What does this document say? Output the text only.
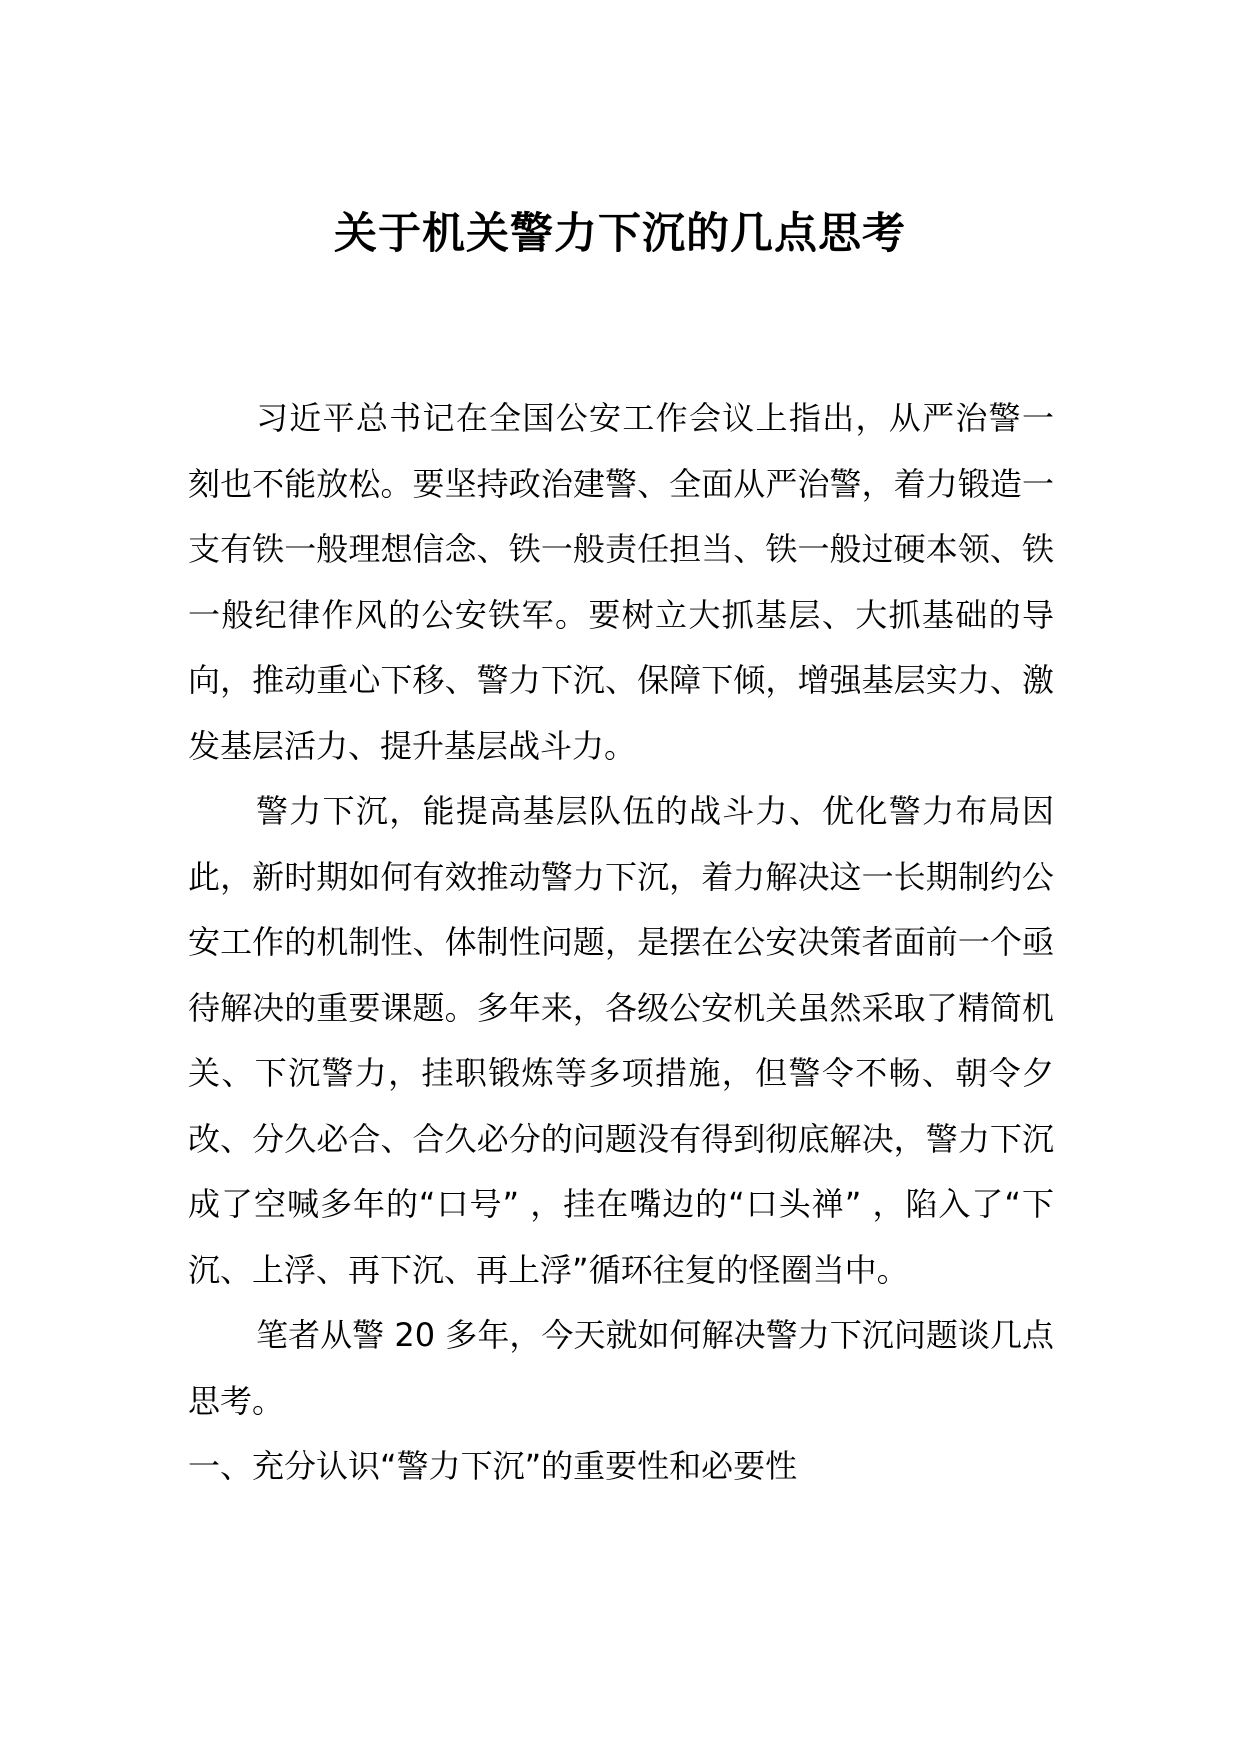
关于机关警力下沉的几点思考

习近平总书记在全国公安工作会议上指出，从严治警一刻也不能放松。要坚持政治建警、全面从严治警，着力锻造一支有铁一般理想信念、铁一般责任担当、铁一般过硬本领、铁一般纪律作风的公安铁军。要树立大抓基层、大抓基础的导向，推动重心下移、警力下沉、保障下倾，增强基层实力、激发基层活力、提升基层战斗力。

警力下沉，能提高基层队伍的战斗力、优化警力布局因此，新时期如何有效推动警力下沉，着力解决这一长期制约公安工作的机制性、体制性问题，是摆在公安决策者面前一个亟待解决的重要课题。多年来，各级公安机关虽然采取了精简机关、下沉警力，挂职锻炼等多项措施，但警令不畅、朝令夕改、分久必合、合久必分的问题没有得到彻底解决，警力下沉成了空喊多年的“口号” ，挂在嘴边的“口头禅” ，陷入了“下沉、上浮、再下沉、再上浮”循环往复的怪圈当中。

笔者从警 20 多年，今天就如何解决警力下沉问题谈几点思考。

一、充分认识“警力下沉”的重要性和必要性
